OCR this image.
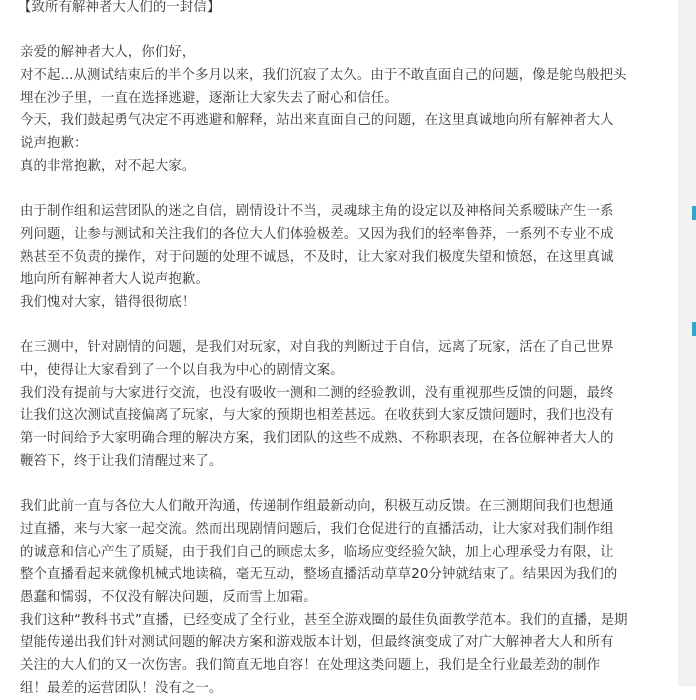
【致所有解神者大人们的一封信】
亲爱的解神者大人，你们好，
对不起...从测试结束后的半个多月以来，我们沉寂了太久。由于不敢直面自己的问题，像是鸵鸟般把头
埋在沙子里，一直在选择逃避，逐渐让大家失去了耐心和信任。
今天，我们鼓起勇气决定不再逃避和解释，站出来直面自己的问题，在这里真诚地向所有解神者大人
说声抱歉：
真的非常抱歉，对不起大家。
由于制作组和运营团队的迷之自信，剧情设计不当，灵魂球主角的设定以及神格间关系暧昧产生一系
列问题，让参与测试和关注我们的各位大人们体验极差。又因为我们的轻率鲁莽，一系列不专业不成
熟甚至不负责的操作，对于问题的处理不诚恳，不及时，让大家对我们极度失望和愤怒，在这里真诚
地向所有解神者大人说声抱歉。
我们愧对大家，错得很彻底！
在三测中，针对剧情的问题，是我们对玩家，对自我的判断过于自信，远离了玩家，活在了自己世界
中，使得让大家看到了一个以自我为中心的剧情文案。
我们没有提前与大家进行交流，也没有吸收一测和二测的经验教训，没有重视那些反馈的问题，最终
让我们这次测试直接偏离了玩家，与大家的预期也相差甚远。在收获到大家反馈问题时，我们也没有
第一时间给予大家明确合理的解决方案，我们团队的这些不成熟、不称职表现，在各位解神者大人的
鞭笞下，终于让我们清醒过来了。
我们此前一直与各位大人们敞开沟通，传递制作组最新动向，积极互动反馈。在三测期间我们也想通
过直播，来与大家一起交流。然而出现剧情问题后，我们仓促进行的直播活动，让大家对我们制作组
的诚意和信心产生了质疑，由于我们自己的顾虑太多，临场应变经验欠缺，加上心理承受力有限，让
整个直播看起来就像机械式地读稿，毫无互动，整场直播活动草草20分钟就结束了。结果因为我们的
愚蠢和懦弱，不仅没有解决问题，反而雪上加霜。
我们这种“教科书式”直播，已经变成了全行业，甚至全游戏圈的最佳负面教学范本。我们的直播，是期
望能传递出我们针对测试问题的解决方案和游戏版本计划，但最终演变成了对广大解神者大人和所有
关注的大人们的又一次伤害。我们简直无地自容！在处理这类问题上，我们是全行业最差劲的制作
组！最差的运营团队！没有之一。
